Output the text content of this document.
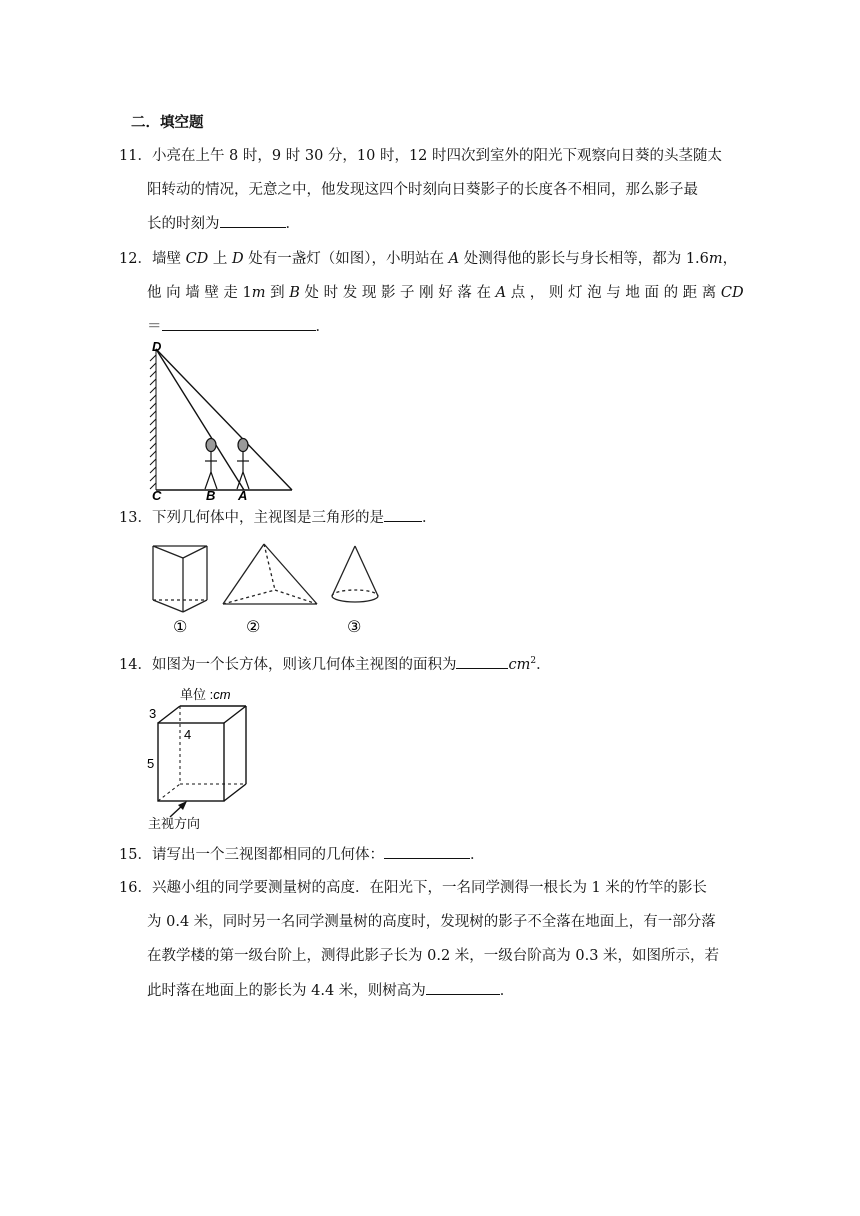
二．填空题
11．小亮在上午 8 时，9 时 30 分，10 时，12 时四次到室外的阳光下观察向日葵的头茎随太
阳转动的情况，无意之中，他发现这四个时刻向日葵影子的长度各不相同，那么影子最
长的时刻为	．
12．墙壁 CD 上 D 处有一盏灯（如图），小明站在 A 处测得他的影长与身长相等，都为 1.6m，
他 向 墙 壁 走 1m 到 B 处 时 发 现 影 子 刚 好 落 在 A 点 ， 则 灯 泡 与 地 面 的 距 离 CD
＝	．
D
C	B A
13．下列几何体中，主视图是三角形的是	．
①	②	③
14．如图为一个长方体，则该几何体主视图的面积为	$cm^2$．
单位 :cm
3
4
5
主视方向
15．请写出一个三视图都相同的几何体：	．
16．兴趣小组的同学要测量树的高度．在阳光下，一名同学测得一根长为 1 米的竹竿的影长
为 0.4 米，同时另一名同学测量树的高度时，发现树的影子不全落在地面上，有一部分落
在教学楼的第一级台阶上，测得此影子长为 0.2 米，一级台阶高为 0.3 米，如图所示，若
此时落在地面上的影长为 4.4 米，则树高为	．
